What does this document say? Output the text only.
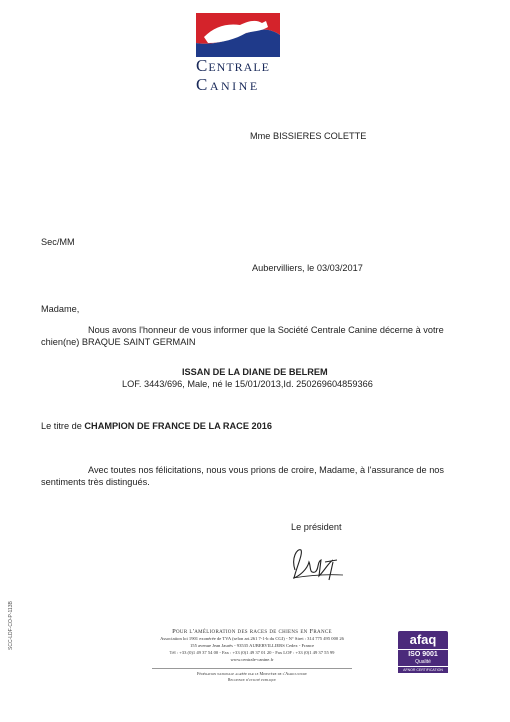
Centrale
Canine
Mme BISSIERES COLETTE
Sec/MM
Aubervilliers, le 03/03/2017
Madame,
Nous avons l'honneur de vous informer que la Société Centrale Canine décerne à votre
chien(ne) BRAQUE SAINT GERMAIN
ISSAN DE LA DIANE DE BELREM
LOF. 3443/696, Male, né le 15/01/2013,Id. 250269604859366
Le titre de CHAMPION DE FRANCE DE LA RACE 2016
Avec toutes nos félicitations, nous vous prions de croire, Madame, à l'assurance de nos
sentiments très distingués.
Le président
Pour l'amélioration des races de chiens en France
Association loi 1901 exonérée de TVA (selon art.261 7-1-b du CGI) - N° Siret : 314 775 495 000 26
155 avenue Jean Jaurès - 93535 AUBERVILLIERS Cedex - France
Tél : +33 (0)1 49 37 54 00 - Fax : +33 (0)1 49 37 01 20 - Fax LOF : +33 (0)1 49 37 55 99
www.centrale-canine.fr
Fédération nationale agréée par le Ministère de l'Agriculture
Reconnue d'utilité publique
afaq
ISO 9001
Qualité
AFNOR CERTIFICATION
SCC-LDF-CO-P-113B
